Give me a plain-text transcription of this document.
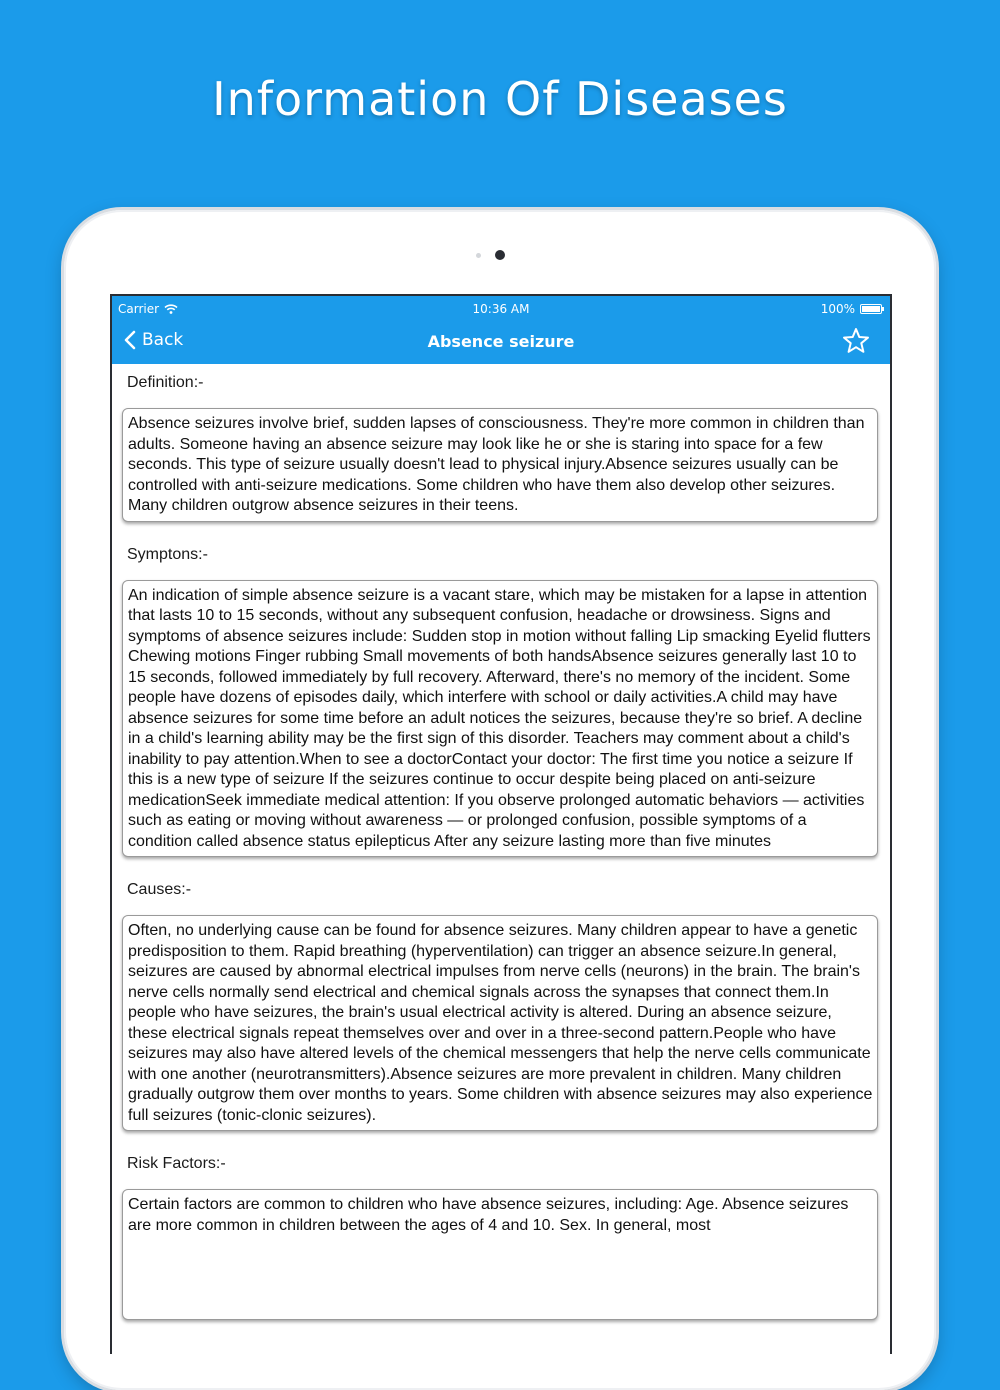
Information Of Diseases
Carrier	10:36 AM	100%
Back	Absence seizure
Definition:-
Absence seizures involve brief, sudden lapses of consciousness. They're more common in children than adults. Someone having an absence seizure may look like he or she is staring into space for a few seconds. This type of seizure usually doesn't lead to physical injury.Absence seizures usually can be controlled with anti-seizure medications. Some children who have them also develop other seizures. Many children outgrow absence seizures in their teens.
Symptons:-
An indication of simple absence seizure is a vacant stare, which may be mistaken for a lapse in attention that lasts 10 to 15 seconds, without any subsequent confusion, headache or drowsiness. Signs and symptoms of absence seizures include: Sudden stop in motion without falling Lip smacking Eyelid flutters Chewing motions Finger rubbing Small movements of both handsAbsence seizures generally last 10 to 15 seconds, followed immediately by full recovery. Afterward, there's no memory of the incident. Some people have dozens of episodes daily, which interfere with school or daily activities.A child may have absence seizures for some time before an adult notices the seizures, because they're so brief. A decline in a child's learning ability may be the first sign of this disorder. Teachers may comment about a child's inability to pay attention.When to see a doctorContact your doctor: The first time you notice a seizure If this is a new type of seizure If the seizures continue to occur despite being placed on anti-seizure medicationSeek immediate medical attention: If you observe prolonged automatic behaviors — activities such as eating or moving without awareness — or prolonged confusion, possible symptoms of a condition called absence status epilepticus After any seizure lasting more than five minutes
Causes:-
Often, no underlying cause can be found for absence seizures. Many children appear to have a genetic predisposition to them. Rapid breathing (hyperventilation) can trigger an absence seizure.In general, seizures are caused by abnormal electrical impulses from nerve cells (neurons) in the brain. The brain's nerve cells normally send electrical and chemical signals across the synapses that connect them.In people who have seizures, the brain's usual electrical activity is altered. During an absence seizure, these electrical signals repeat themselves over and over in a three-second pattern.People who have seizures may also have altered levels of the chemical messengers that help the nerve cells communicate with one another (neurotransmitters).Absence seizures are more prevalent in children. Many children gradually outgrow them over months to years. Some children with absence seizures may also experience full seizures (tonic-clonic seizures).
Risk Factors:-
Certain factors are common to children who have absence seizures, including: Age. Absence seizures are more common in children between the ages of 4 and 10. Sex. In general, most
